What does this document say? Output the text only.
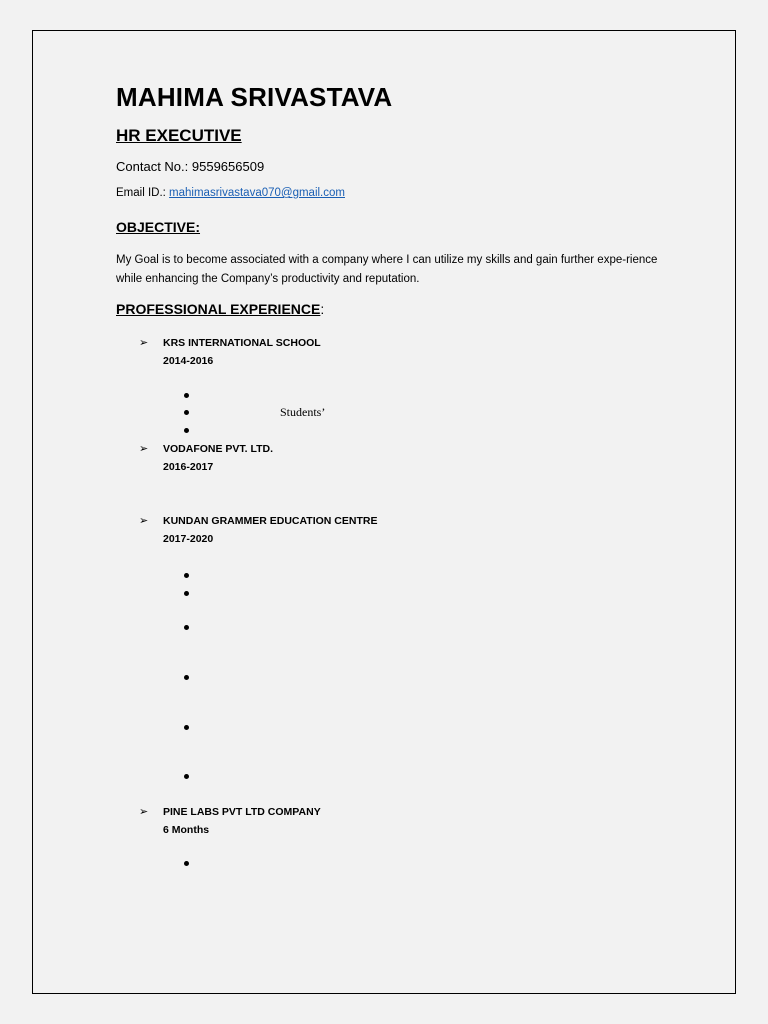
MAHIMA SRIVASTAVA
HR EXECUTIVE
Contact No.: 9559656509
Email ID.: mahimasrivastava070@gmail.com
OBJECTIVE:
My Goal is to become associated with a company where I can utilize my skills and gain further expe-rience while enhancing the Company’s productivity and reputation.
PROFESSIONAL EXPERIENCE:
➢ KRS INTERNATIONAL SCHOOL
2014-2016
Students’
➢ VODAFONE PVT. LTD.
2016-2017
➢ KUNDAN GRAMMER EDUCATION CENTRE
2017-2020
➢ PINE LABS PVT LTD COMPANY
6 Months
